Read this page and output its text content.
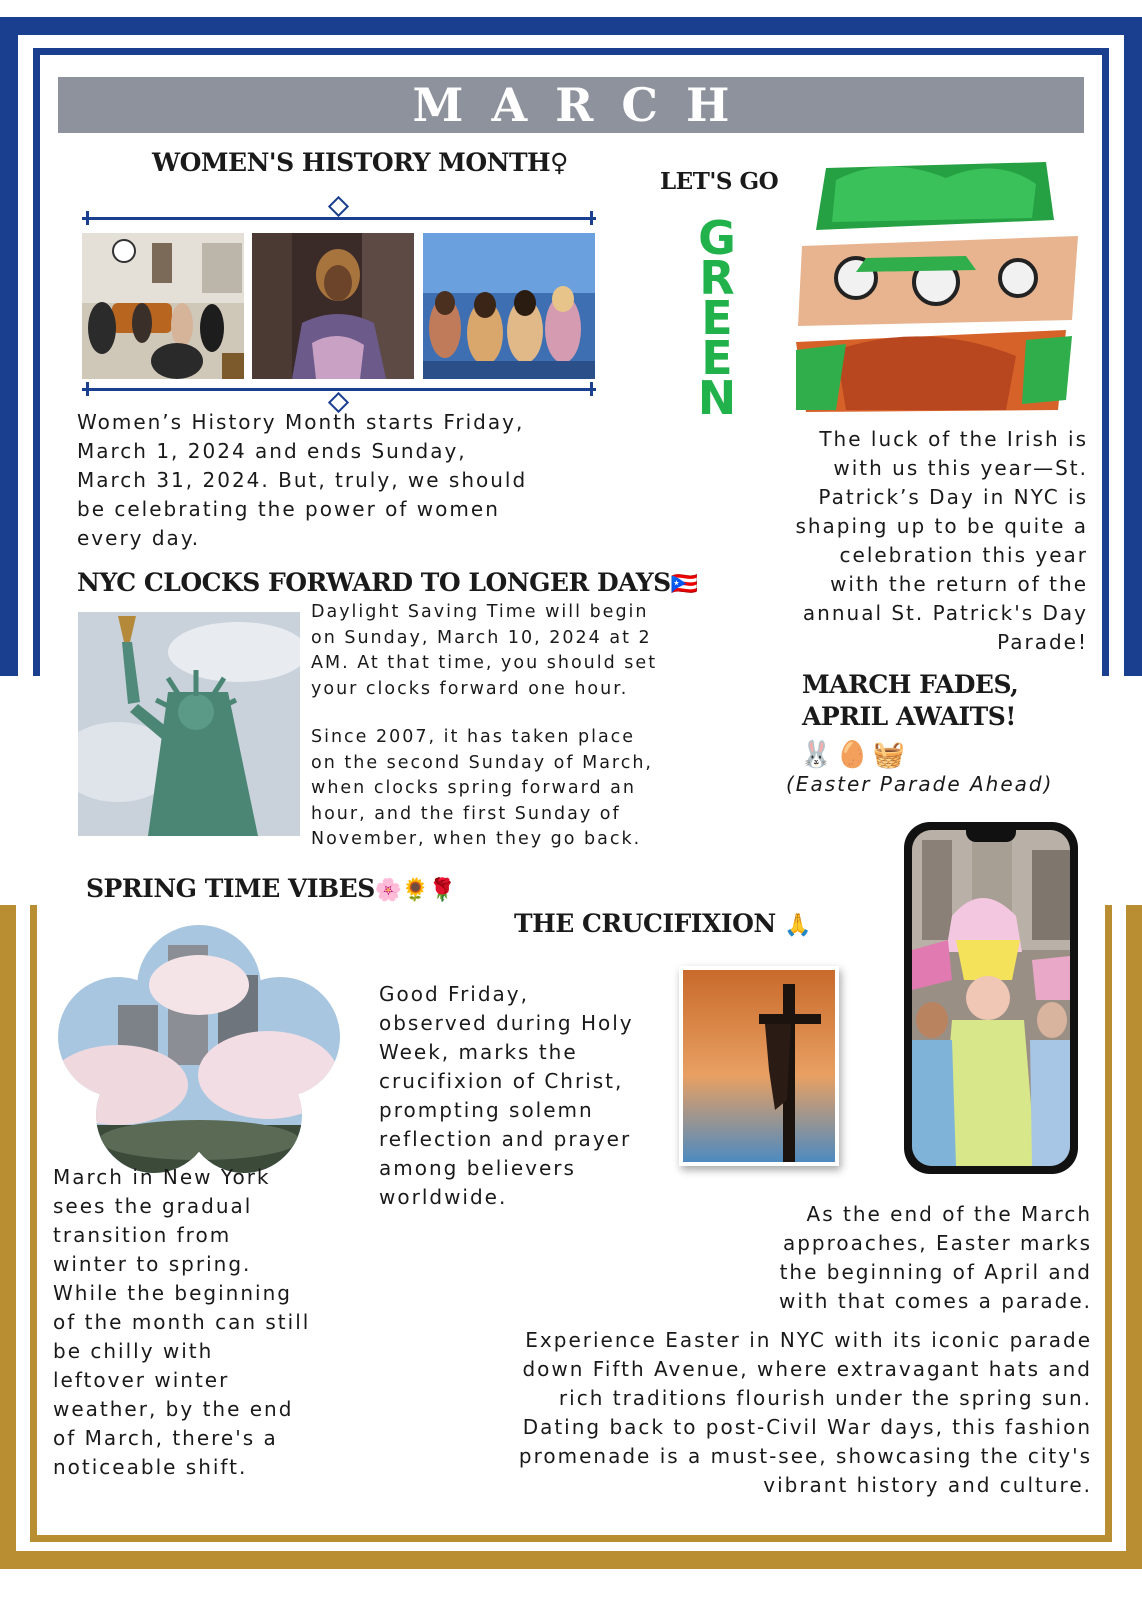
MARCH
WOMEN'S HISTORY MONTH♀
Women’s History Month starts Friday,
March 1, 2024 and ends Sunday,
March 31, 2024. But, truly, we should
be celebrating the power of women
every day.
LET'S GO
G
R
E
E
N
The luck of the Irish is
with us this year—St.
Patrick’s Day in NYC is
shaping up to be quite a
celebration this year
with the return of the
annual St. Patrick's Day
Parade!
NYC CLOCKS FORWARD TO LONGER DAYS🇵🇷
Daylight Saving Time will begin
on Sunday, March 10, 2024 at 2
AM. At that time, you should set
your clocks forward one hour.
Since 2007, it has taken place
on the second Sunday of March,
when clocks spring forward an
hour, and the first Sunday of
November, when they go back.
MARCH FADES,
APRIL AWAITS!
🐰🥚🧺
(Easter Parade Ahead)
SPRING TIME VIBES🌸🌻🌹
March in New York
sees the gradual
transition from
winter to spring.
While the beginning
of the month can still
be chilly with
leftover winter
weather, by the end
of March, there's a
noticeable shift.
THE CRUCIFIXION 🙏
Good Friday,
observed during Holy
Week, marks the
crucifixion of Christ,
prompting solemn
reflection and prayer
among believers
worldwide.
As the end of the March
approaches, Easter marks
the beginning of April and
with that comes a parade.
Experience Easter in NYC with its iconic parade
down Fifth Avenue, where extravagant hats and
rich traditions flourish under the spring sun.
Dating back to post-Civil War days, this fashion
promenade is a must-see, showcasing the city's
vibrant history and culture.
